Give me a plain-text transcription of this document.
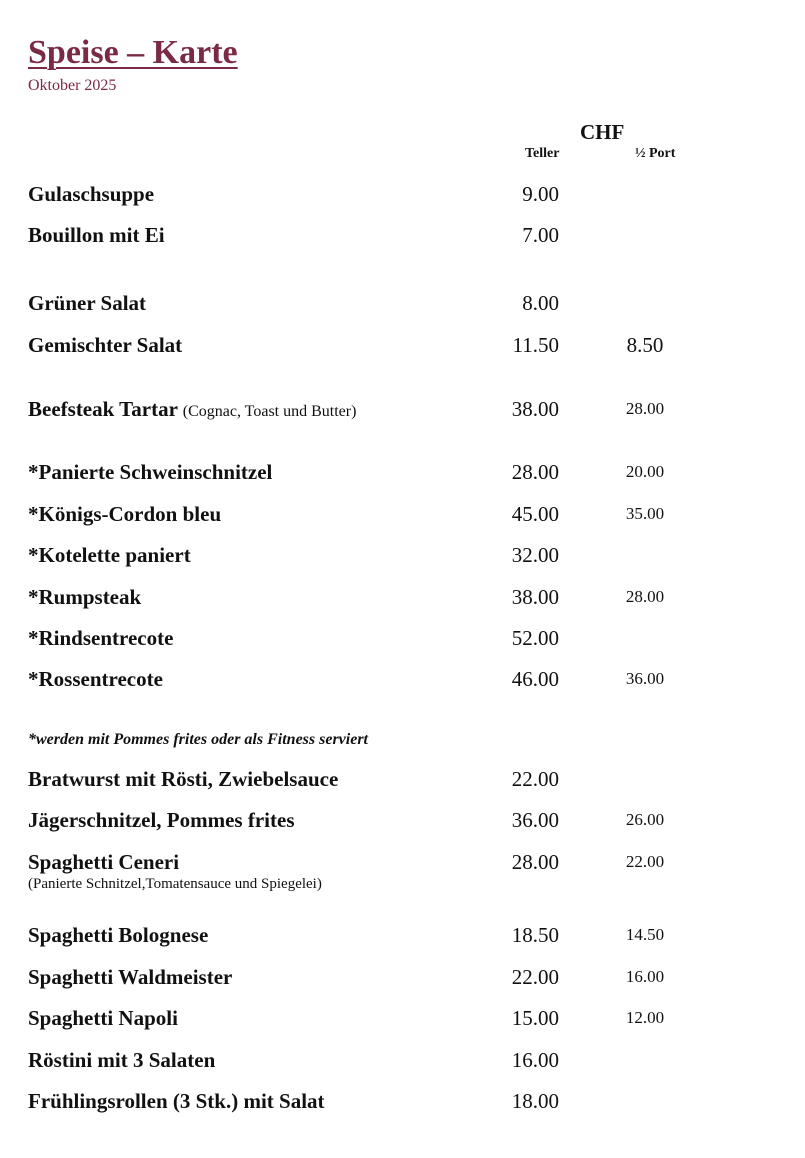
Speise – Karte
Oktober 2025
CHF
Teller	½ Port
Gulaschsuppe	9.00
Bouillon mit Ei	7.00
Grüner Salat	8.00
Gemischter Salat	11.50	8.50
Beefsteak Tartar (Cognac, Toast und Butter)	38.00	28.00
*Panierte Schweinschnitzel	28.00	20.00
*Königs-Cordon bleu	45.00	35.00
*Kotelette paniert	32.00
*Rumpsteak	38.00	28.00
*Rindsentrecote	52.00
*Rossentrecote	46.00	36.00
*werden mit Pommes frites oder als Fitness serviert
Bratwurst mit Rösti, Zwiebelsauce	22.00
Jägerschnitzel, Pommes frites	36.00	26.00
Spaghetti Ceneri
(Panierte Schnitzel,Tomatensauce und Spiegelei)
28.00	22.00
Spaghetti Bolognese	18.50	14.50
Spaghetti Waldmeister	22.00	16.00
Spaghetti Napoli	15.00	12.00
Röstini mit 3 Salaten	16.00
Frühlingsrollen (3 Stk.) mit Salat	18.00
